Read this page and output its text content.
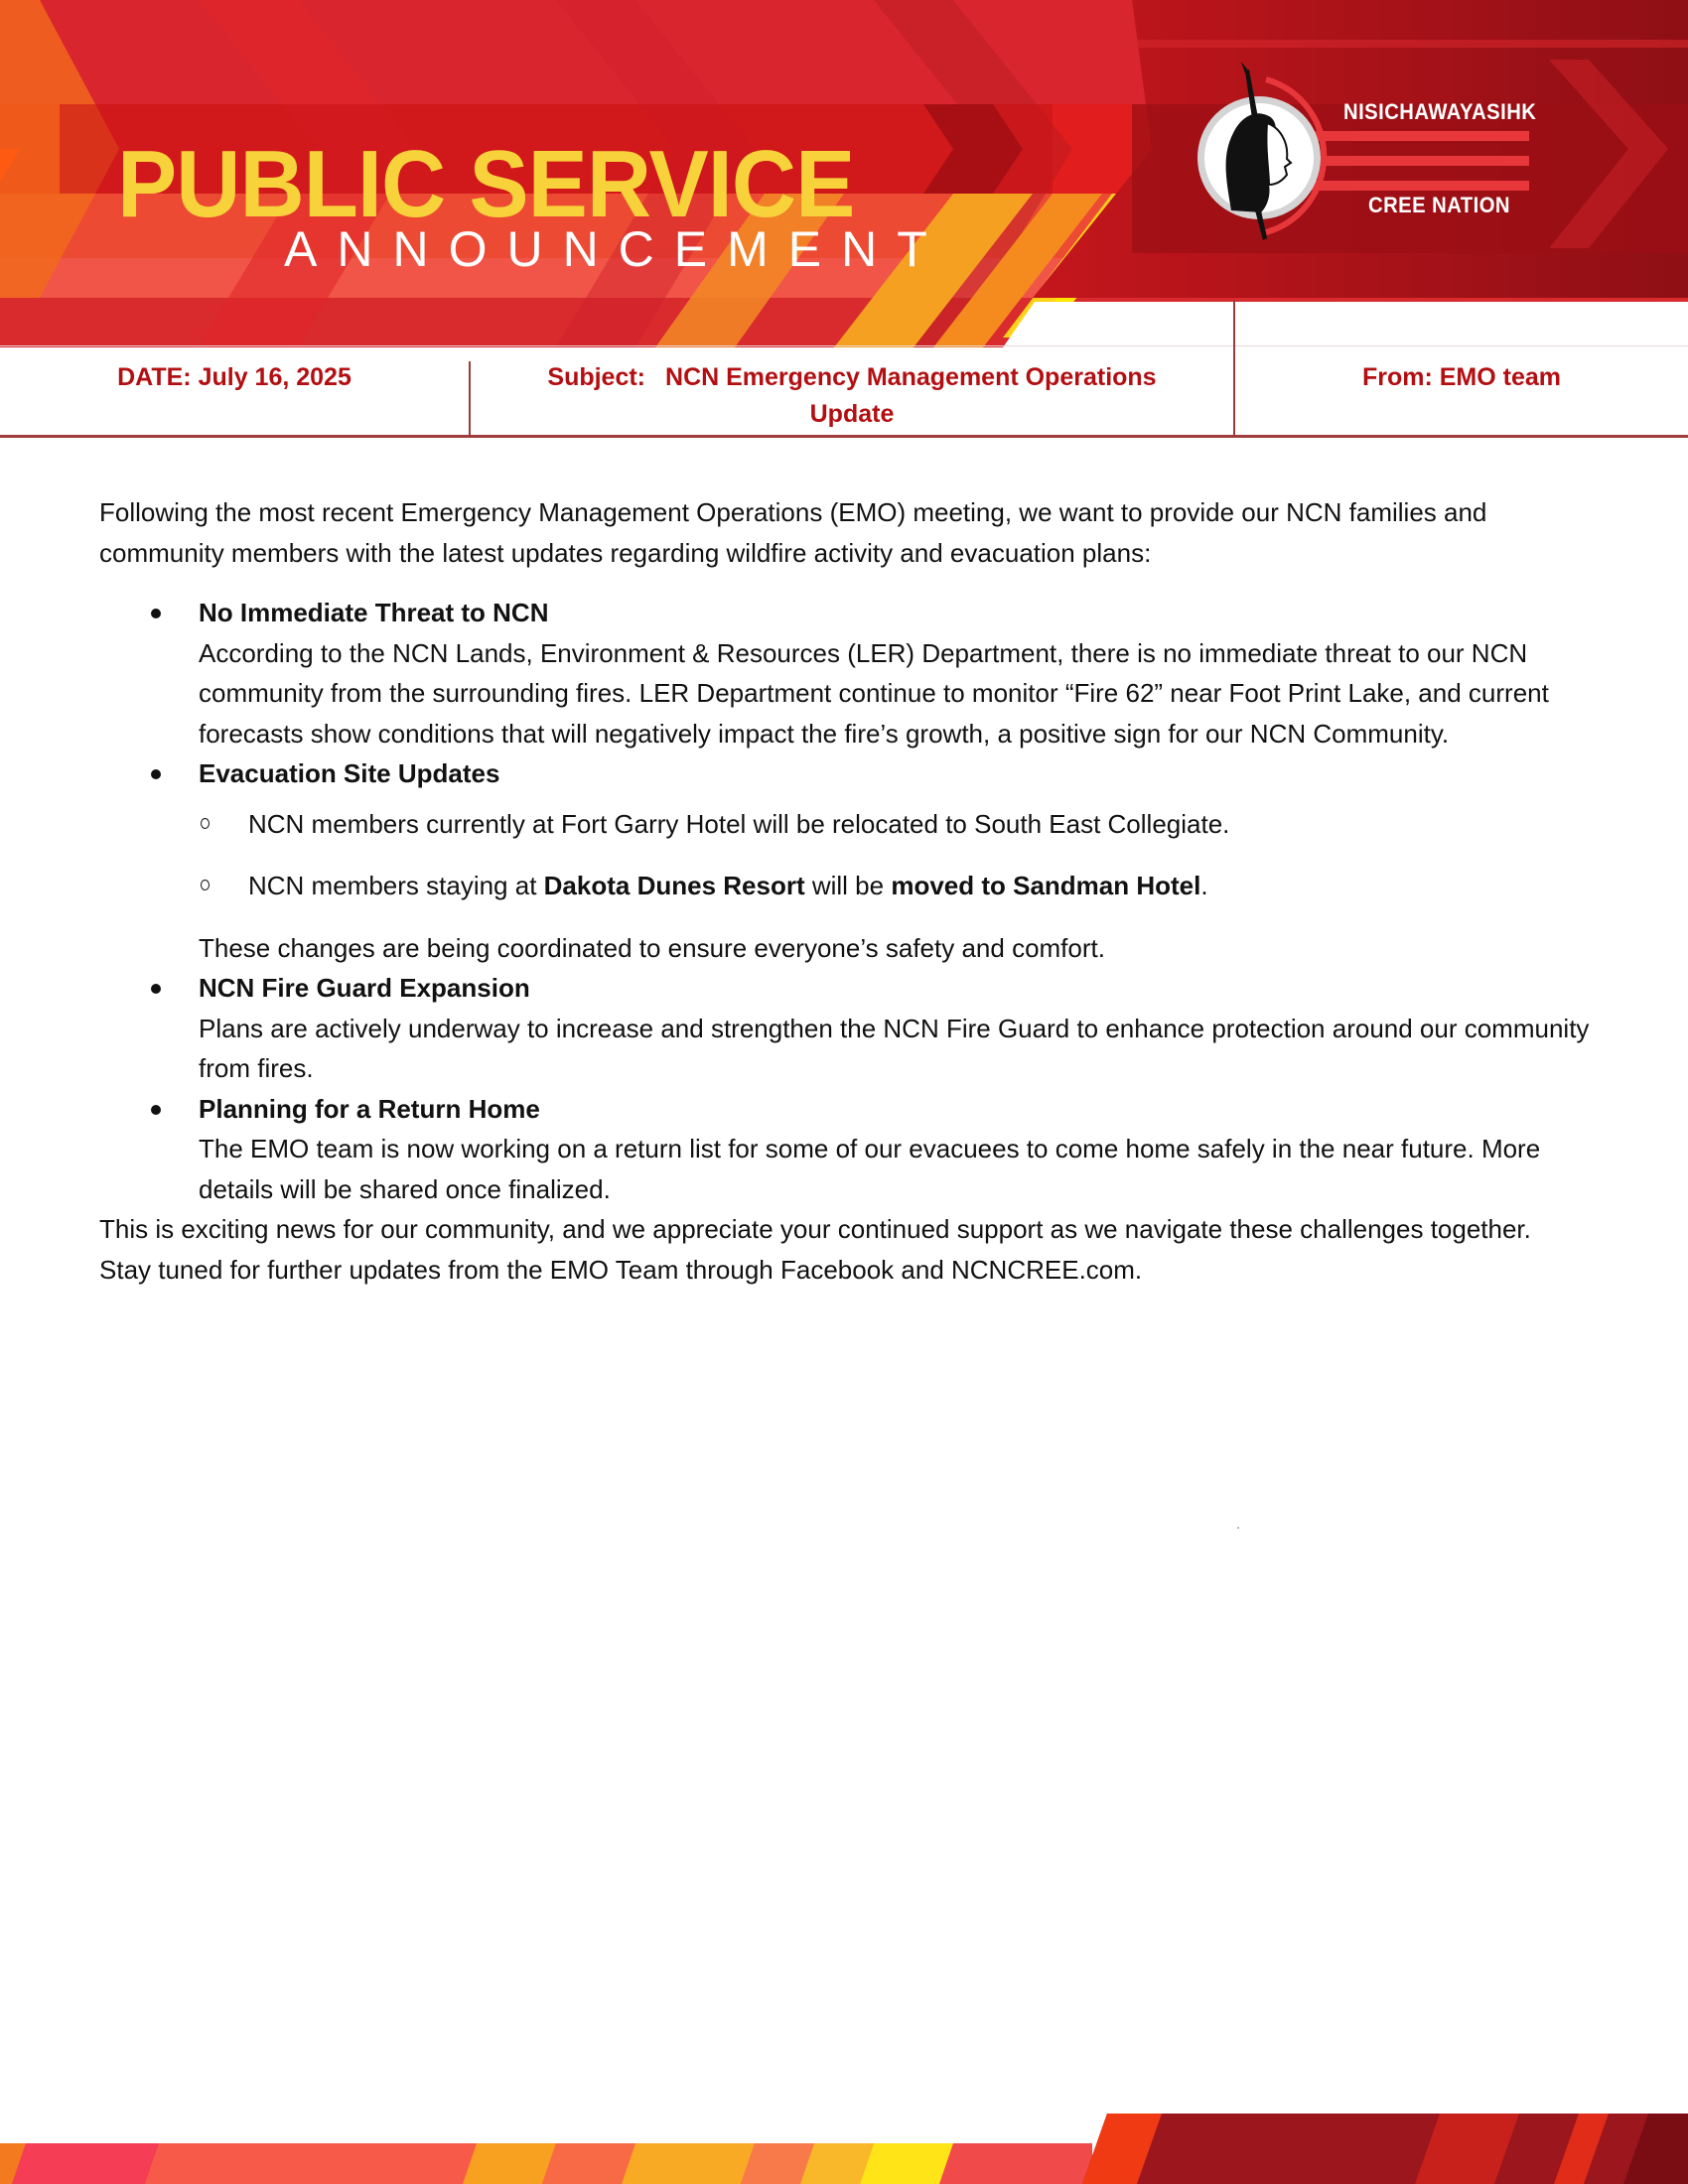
PUBLIC SERVICE
ANNOUNCEMENT
NISICHAWAYASIHK
CREE NATION
DATE: July 16, 2025	Subject: NCN Emergency Management Operations
Update
From: EMO team

Following the most recent Emergency Management Operations (EMO) meeting, we want to provide our NCN families and community members with the latest updates regarding wildfire activity and evacuation plans:

No Immediate Threat to NCN
According to the NCN Lands, Environment & Resources (LER) Department, there is no immediate threat to our NCN community from the surrounding fires. LER Department continue to monitor “Fire 62” near Foot Print Lake, and current forecasts show conditions that will negatively impact the fire’s growth, a positive sign for our NCN Community.
Evacuation Site Updates
NCN members currently at Fort Garry Hotel will be relocated to South East Collegiate.
NCN members staying at Dakota Dunes Resort will be moved to Sandman Hotel.

These changes are being coordinated to ensure everyone’s safety and comfort.

NCN Fire Guard Expansion
Plans are actively underway to increase and strengthen the NCN Fire Guard to enhance protection around our community from fires.
Planning for a Return Home
The EMO team is now working on a return list for some of our evacuees to come home safely in the near future. More details will be shared once finalized.

This is exciting news for our community, and we appreciate your continued support as we navigate these challenges together.

Stay tuned for further updates from the EMO Team through Facebook and NCNCREE.com.
